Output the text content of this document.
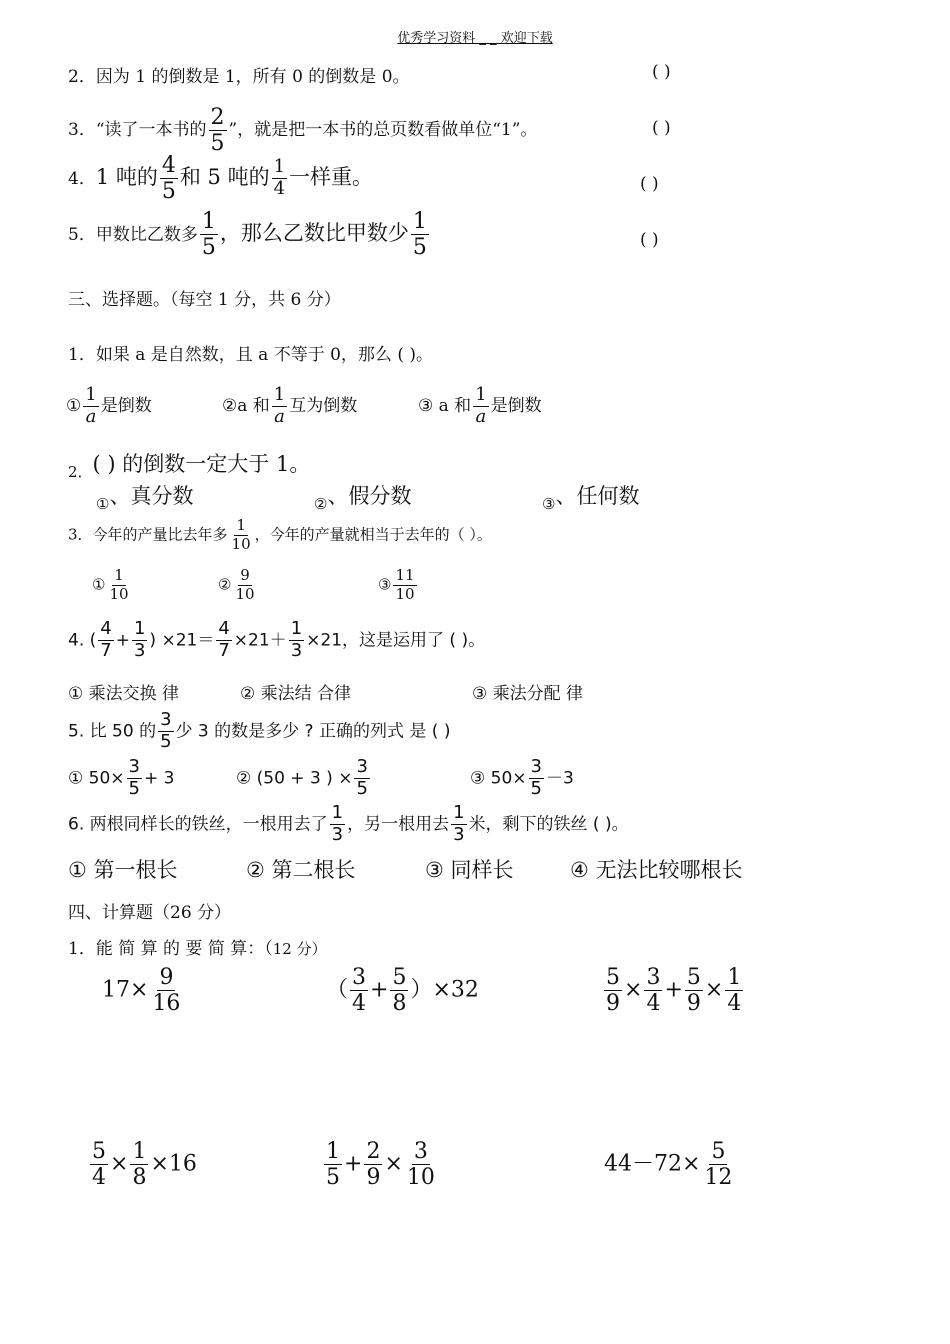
优秀学习资料 _ _ 欢迎下载
2．因为 1 的倒数是 1，所有 0 的倒数是 0。	( )
3．“读了一本书的 $\frac{2}{5}$ ”，就是把一本书的总页数看做单位“1”。	( )
4．1 吨的 $\frac{4}{5}$ 和 5 吨的 $\frac{1}{4}$ 一样重。	( )
5．甲数比乙数多 $\frac{1}{5}$ ，那么乙数比甲数少 $\frac{1}{5}$	( )
三、选择题。（每空 1 分，共 6 分）
1．如果 a 是自然数，且 a 不等于 0，那么 ( )。
① $\frac{1}{a}$ 是倒数	②a 和 $\frac{1}{a}$ 互为倒数	③ a 和 $\frac{1}{a}$ 是倒数
2．( ) 的倒数一定大于 1。
$_①$、真分数	$_②$、假分数	$_③$、任何数
3．今年的产量比去年多 $\frac{1}{10}$ ，今年的产量就相当于去年的（ ）。
① $\frac{1}{10}$	② $\frac{9}{10}$	③ $\frac{11}{10}$
4. ( $\frac{4}{7} + \frac{1}{3}$ ) $\times 21= \frac{4}{7} \times 21+ \frac{1}{3} \times 21$，这是运用了 ( )。
① 乘法交换 律	② 乘法结 合律	③ 乘法分配 律
5. 比 50 的 $\frac{3}{5}$ 少 3 的数是多少 ? 正确的列式 是 ( )
① $50\times \frac{3}{5} + 3$	② (50 + 3 ) × $\frac{3}{5}$	③ $50\times \frac{3}{5} -3$
6. 两根同样长的铁丝，一根用去了 $\frac{1}{3}$ ，另一根用去 $\frac{1}{3}$ 米，剩下的铁丝 ( )。
① 第一根长	② 第二根长	③ 同样长	④ 无法比较哪根长
四、计算题（26 分）
1．能 简 算 的 要 简 算：（12 分）
$17\times \frac{9}{16}$	（ $\frac{3}{4} + \frac{5}{8} )\times 32$	$\frac{5}{9} \times \frac{3}{4} + \frac{5}{9} \times \frac{1}{4}$
$\frac{5}{4} \times \frac{1}{8} \times 16$	$\frac{1}{5} + \frac{2}{9} \times \frac{3}{10}$	$44-72\times \frac{5}{12}$
